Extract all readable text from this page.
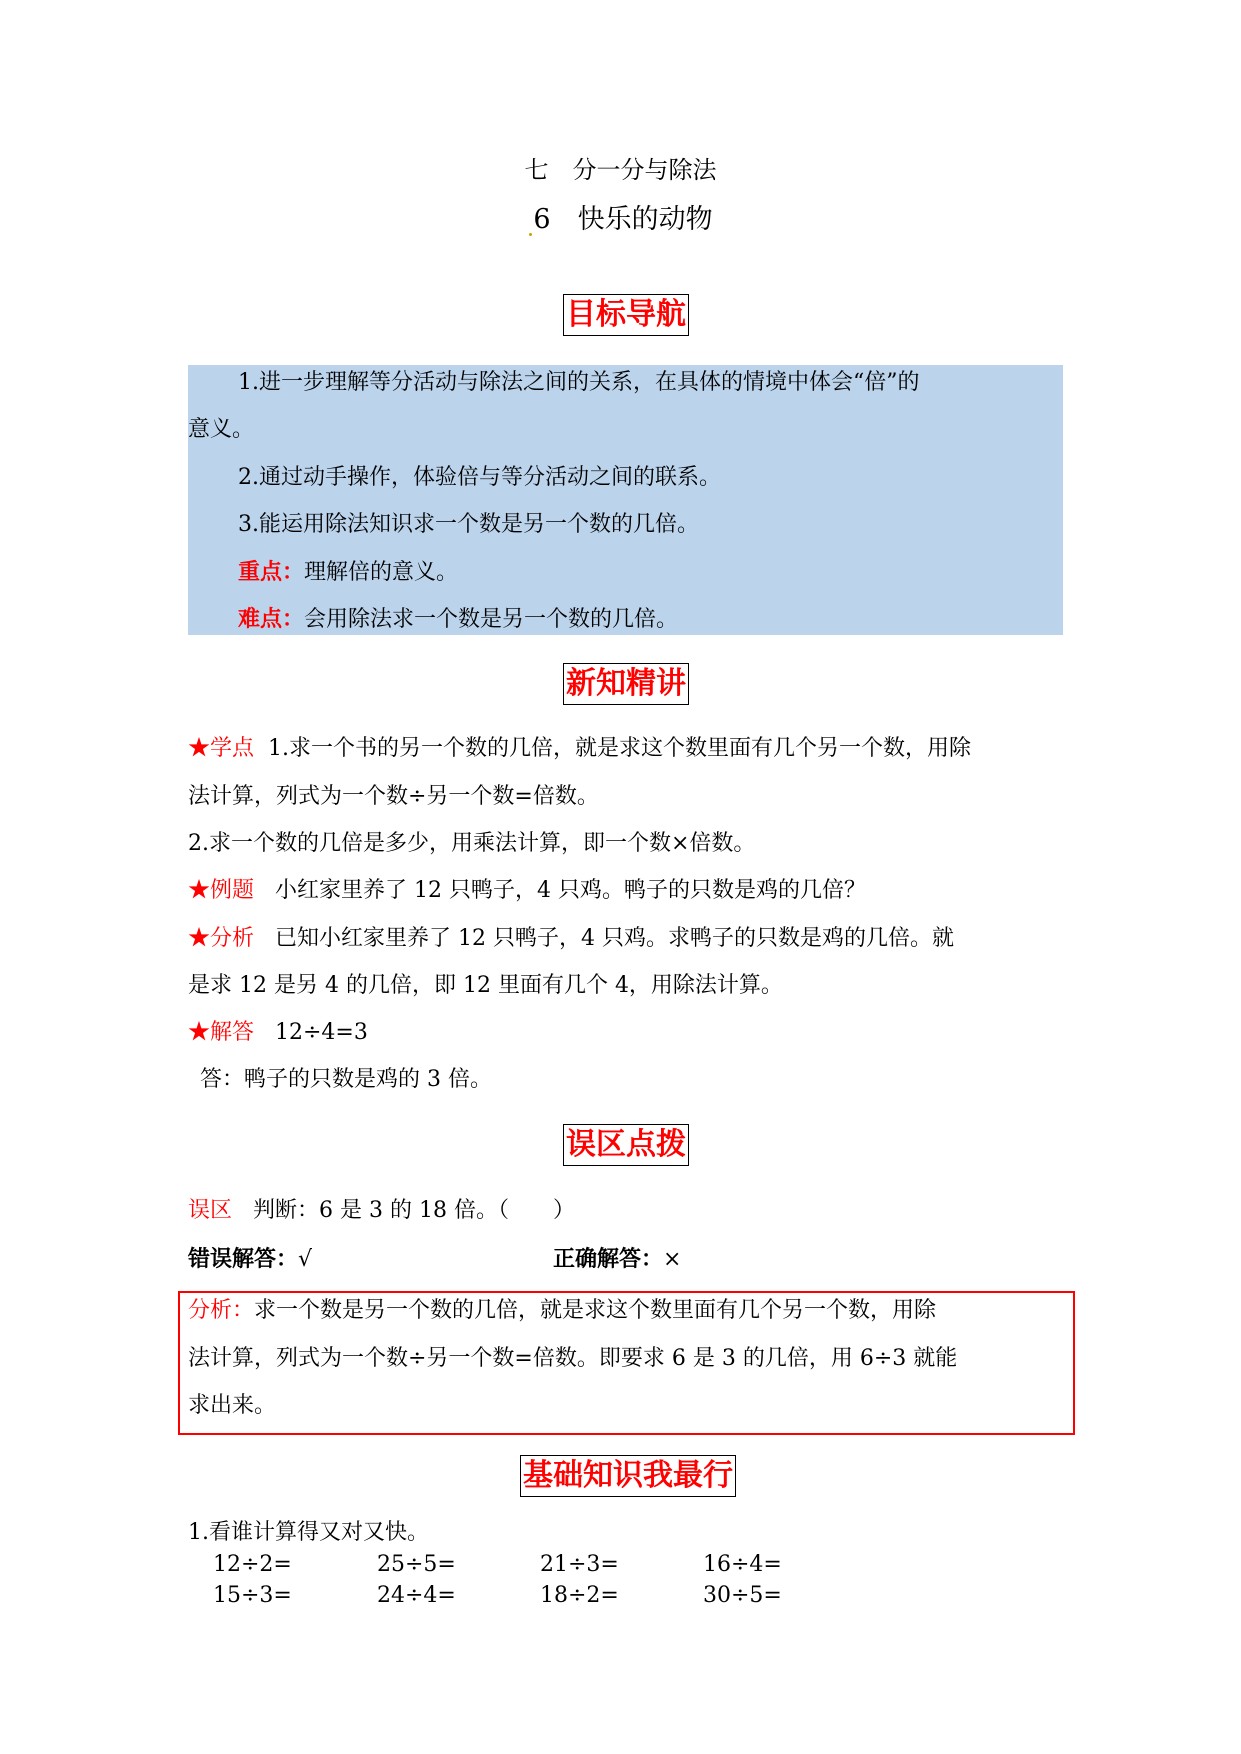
七　分一分与除法
6　 快乐的动物
目标导航
1.进一步理解等分活动与除法之间的关系，在具体的情境中体会“倍”的
意义。
2.通过动手操作，体验倍与等分活动之间的联系。
3.能运用除法知识求一个数是另一个数的几倍。
重点：理解倍的意义。
难点：会用除法求一个数是另一个数的几倍。
新知精讲
★学点 1.求一个书的另一个数的几倍，就是求这个数里面有几个另一个数，用除
法计算，列式为一个数÷另一个数=倍数。
2.求一个数的几倍是多少，用乘法计算，即一个数×倍数。
★例题 小红家里养了 12 只鸭子，4 只鸡。鸭子的只数是鸡的几倍？
★分析 已知小红家里养了 12 只鸭子，4 只鸡。求鸭子的只数是鸡的几倍。就
是求 12 是另 4 的几倍，即 12 里面有几个 4，用除法计算。
★解答 12÷4=3
答：鸭子的只数是鸡的 3 倍。
误区点拨
误区 判断：6 是 3 的 18 倍。（　　）
错误解答：√	正确解答：×
分析：求一个数是另一个数的几倍，就是求这个数里面有几个另一个数，用除
法计算，列式为一个数÷另一个数=倍数。即要求 6 是 3 的几倍，用 6÷3 就能
求出来。
基础知识我最行
1.看谁计算得又对又快。
12÷2=	25÷5=	21÷3=	16÷4=
15÷3=	24÷4=	18÷2=	30÷5=
